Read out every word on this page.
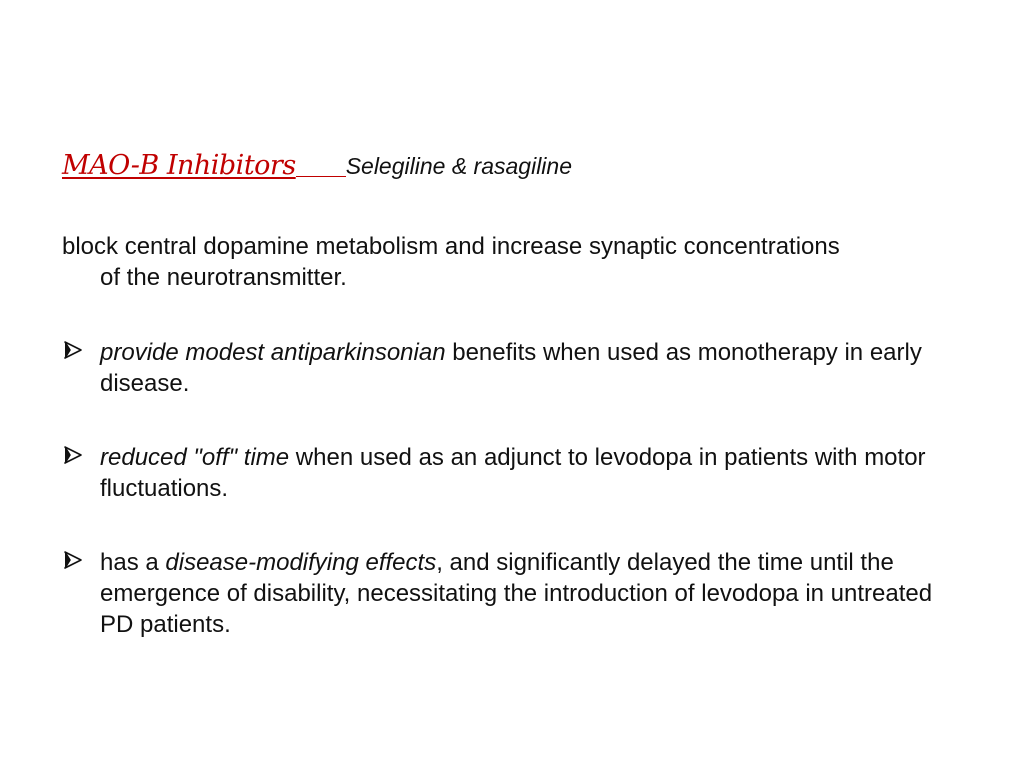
MAO-B Inhibitors Selegiline & rasagiline
block central dopamine metabolism and increase synaptic concentrations of the neurotransmitter.
provide modest antiparkinsonian benefits when used as monotherapy in early disease.
reduced "off" time when used as an adjunct to levodopa in patients with motor fluctuations.
has a disease-modifying effects, and significantly delayed the time until the emergence of disability, necessitating the introduction of levodopa in untreated PD patients.
